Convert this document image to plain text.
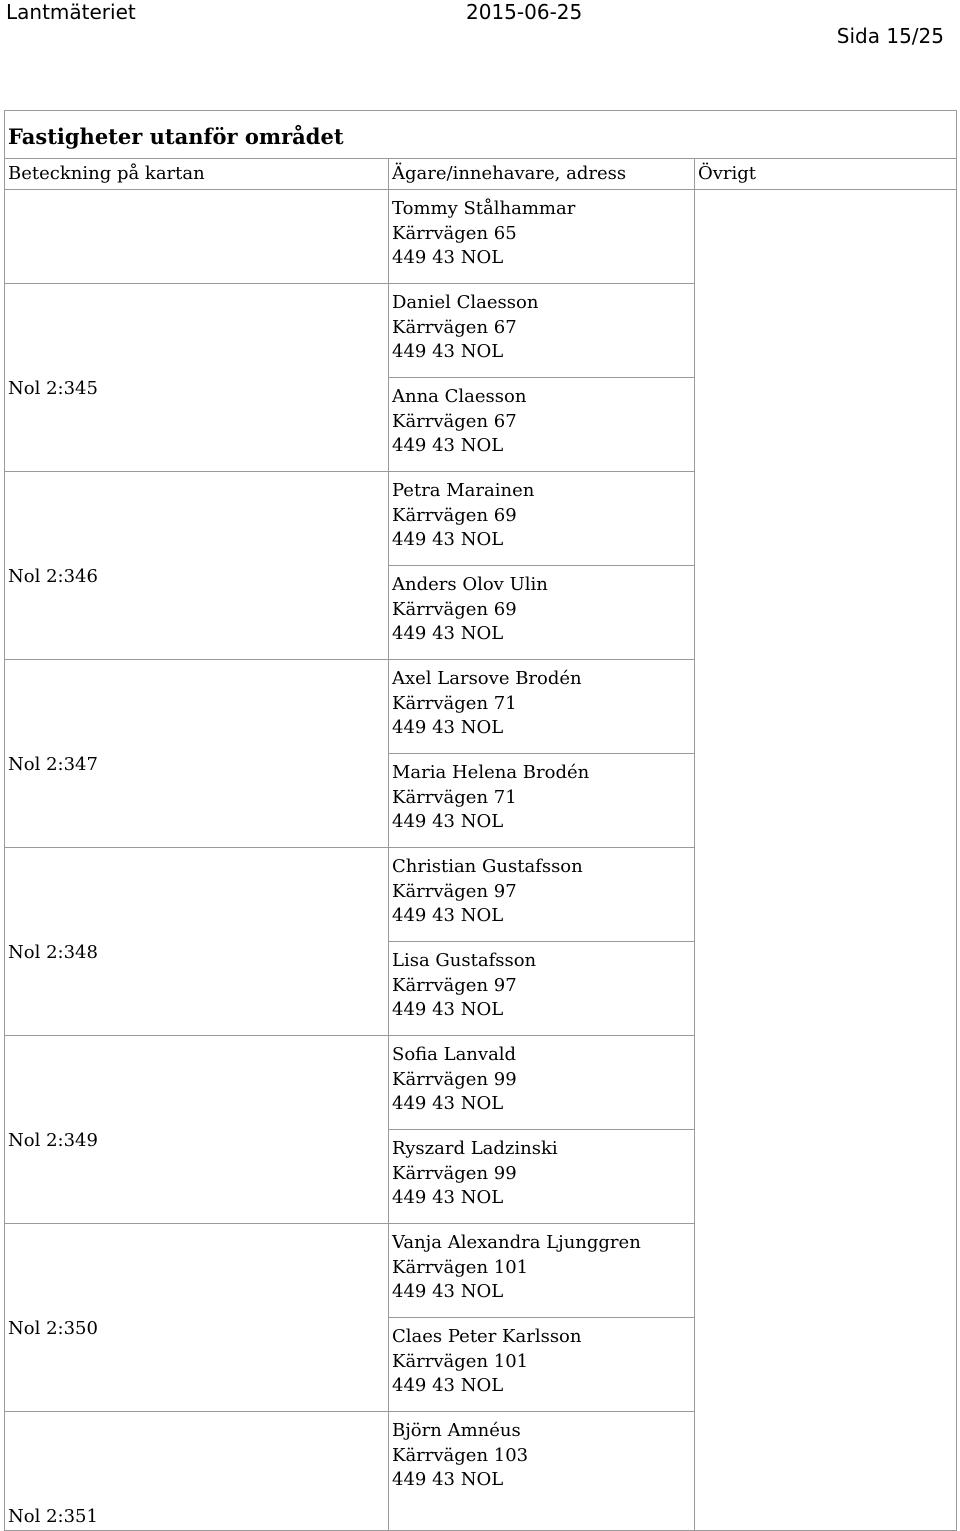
Lantmäteriet	2015-06-25
Sida 15/25
Fastigheter utanför området		
Beteckning på kartan	Ägare/innehavare, adress	Övrigt

	Tommy Stålhammar
Kärrvägen 65
449 43 NOL	

Nol 2:345	Daniel Claesson
Kärrvägen 67
449 43 NOL	

	Anna Claesson
Kärrvägen 67
449 43 NOL	

Nol 2:346	Petra Marainen
Kärrvägen 69
449 43 NOL	

	Anders Olov Ulin
Kärrvägen 69
449 43 NOL	

Nol 2:347	Axel Larsove Brodén
Kärrvägen 71
449 43 NOL	

	Maria Helena Brodén
Kärrvägen 71
449 43 NOL	

Nol 2:348	Christian Gustafsson
Kärrvägen 97
449 43 NOL	

	Lisa Gustafsson
Kärrvägen 97
449 43 NOL	

Nol 2:349	Sofia Lanvald
Kärrvägen 99
449 43 NOL	

	Ryszard Ladzinski
Kärrvägen 99
449 43 NOL	

Nol 2:350	Vanja Alexandra Ljunggren
Kärrvägen 101
449 43 NOL	

	Claes Peter Karlsson
Kärrvägen 101
449 43 NOL	

Nol 2:351	Björn Amnéus
Kärrvägen 103
449 43 NOL	
